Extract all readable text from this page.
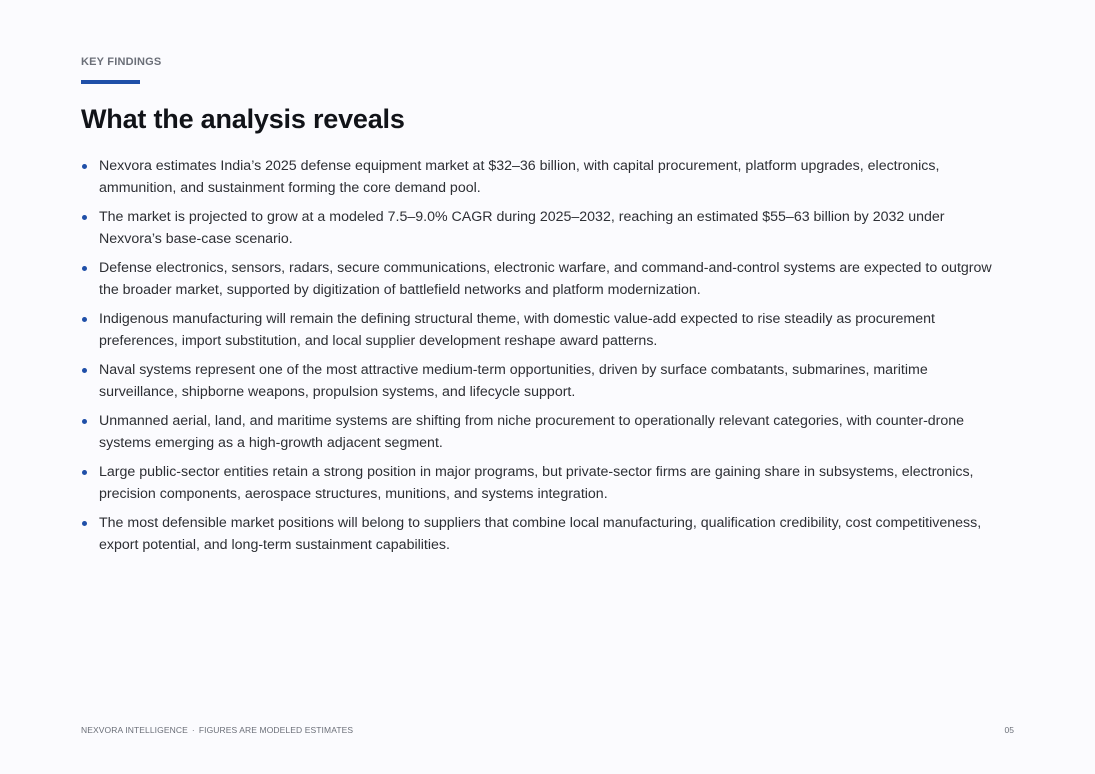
KEY FINDINGS
What the analysis reveals
Nexvora estimates India’s 2025 defense equipment market at $32–36 billion, with capital procurement, platform upgrades, electronics, ammunition, and sustainment forming the core demand pool.
The market is projected to grow at a modeled 7.5–9.0% CAGR during 2025–2032, reaching an estimated $55–63 billion by 2032 under Nexvora’s base-case scenario.
Defense electronics, sensors, radars, secure communications, electronic warfare, and command-and-control systems are expected to outgrow the broader market, supported by digitization of battlefield networks and platform modernization.
Indigenous manufacturing will remain the defining structural theme, with domestic value-add expected to rise steadily as procurement preferences, import substitution, and local supplier development reshape award patterns.
Naval systems represent one of the most attractive medium-term opportunities, driven by surface combatants, submarines, maritime surveillance, shipborne weapons, propulsion systems, and lifecycle support.
Unmanned aerial, land, and maritime systems are shifting from niche procurement to operationally relevant categories, with counter-drone systems emerging as a high-growth adjacent segment.
Large public-sector entities retain a strong position in major programs, but private-sector firms are gaining share in subsystems, electronics, precision components, aerospace structures, munitions, and systems integration.
The most defensible market positions will belong to suppliers that combine local manufacturing, qualification credibility, cost competitiveness, export potential, and long-term sustainment capabilities.
NEXVORA INTELLIGENCE · FIGURES ARE MODELED ESTIMATES	05
